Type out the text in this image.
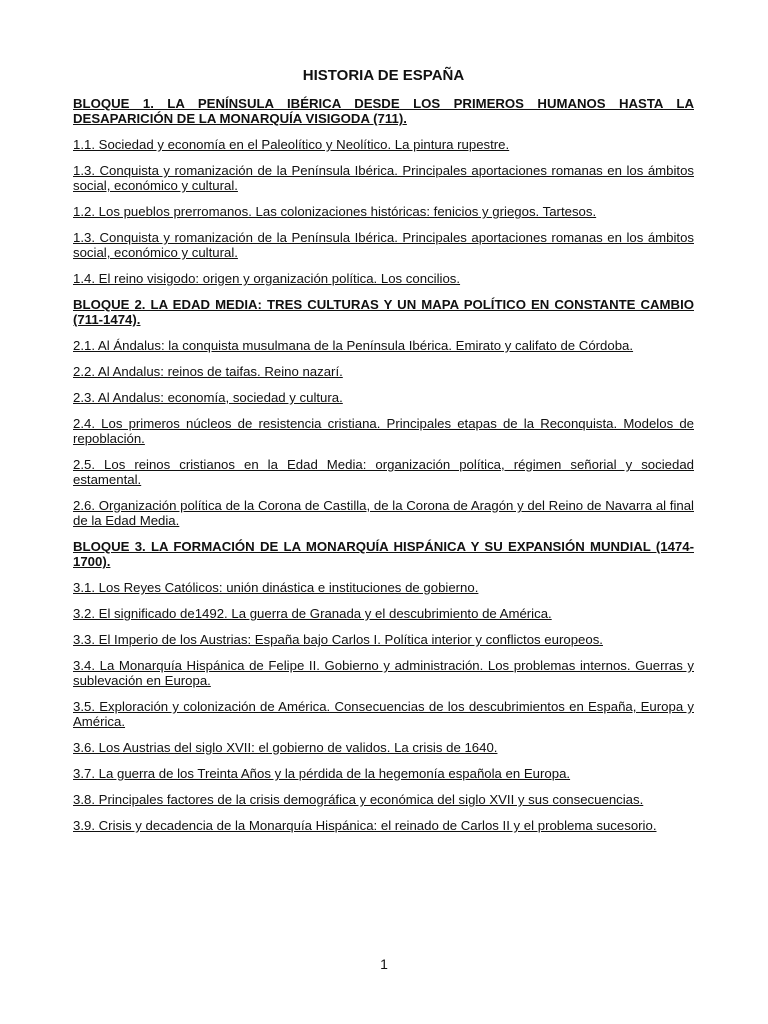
HISTORIA DE ESPAÑA
BLOQUE 1. LA PENÍNSULA IBÉRICA DESDE LOS PRIMEROS HUMANOS HASTA LA DESAPARICIÓN DE LA MONARQUÍA VISIGODA (711).
1.1. Sociedad y economía en el Paleolítico y Neolítico. La pintura rupestre.
1.3. Conquista y romanización de la Península Ibérica. Principales aportaciones romanas en los ámbitos social, económico y cultural.
1.2. Los pueblos prerromanos. Las colonizaciones históricas: fenicios y griegos. Tartesos.
1.3. Conquista y romanización de la Península Ibérica. Principales aportaciones romanas en los ámbitos social, económico y cultural.
1.4. El reino visigodo: origen y organización política. Los concilios.
BLOQUE 2. LA EDAD MEDIA: TRES CULTURAS Y UN MAPA POLÍTICO EN CONSTANTE CAMBIO (711-1474).
2.1. Al Ándalus: la conquista musulmana de la Península Ibérica. Emirato y califato de Córdoba.
2.2. Al Andalus: reinos de taifas. Reino nazarí.
2.3. Al Andalus: economía, sociedad y cultura.
2.4. Los primeros núcleos de resistencia cristiana. Principales etapas de la Reconquista. Modelos de repoblación.
2.5. Los reinos cristianos en la Edad Media: organización política, régimen señorial y sociedad estamental.
2.6. Organización política de la Corona de Castilla, de la Corona de Aragón y del Reino de Navarra al final de la Edad Media.
BLOQUE 3. LA FORMACIÓN DE LA MONARQUÍA HISPÁNICA Y SU EXPANSIÓN MUNDIAL (1474-1700).
3.1. Los Reyes Católicos: unión dinástica e instituciones de gobierno.
3.2. El significado de1492. La guerra de Granada y el descubrimiento de América.
3.3. El Imperio de los Austrias: España bajo Carlos I. Política interior y conflictos europeos.
3.4. La Monarquía Hispánica de Felipe II. Gobierno y administración. Los problemas internos. Guerras y sublevación en Europa.
3.5. Exploración y colonización de América. Consecuencias de los descubrimientos en España, Europa y América.
3.6. Los Austrias del siglo XVII: el gobierno de validos. La crisis de 1640.
3.7. La guerra de los Treinta Años y la pérdida de la hegemonía española en Europa.
3.8. Principales factores de la crisis demográfica y económica del siglo XVII y sus consecuencias.
3.9. Crisis y decadencia de la Monarquía Hispánica: el reinado de Carlos II y el problema sucesorio.
1
